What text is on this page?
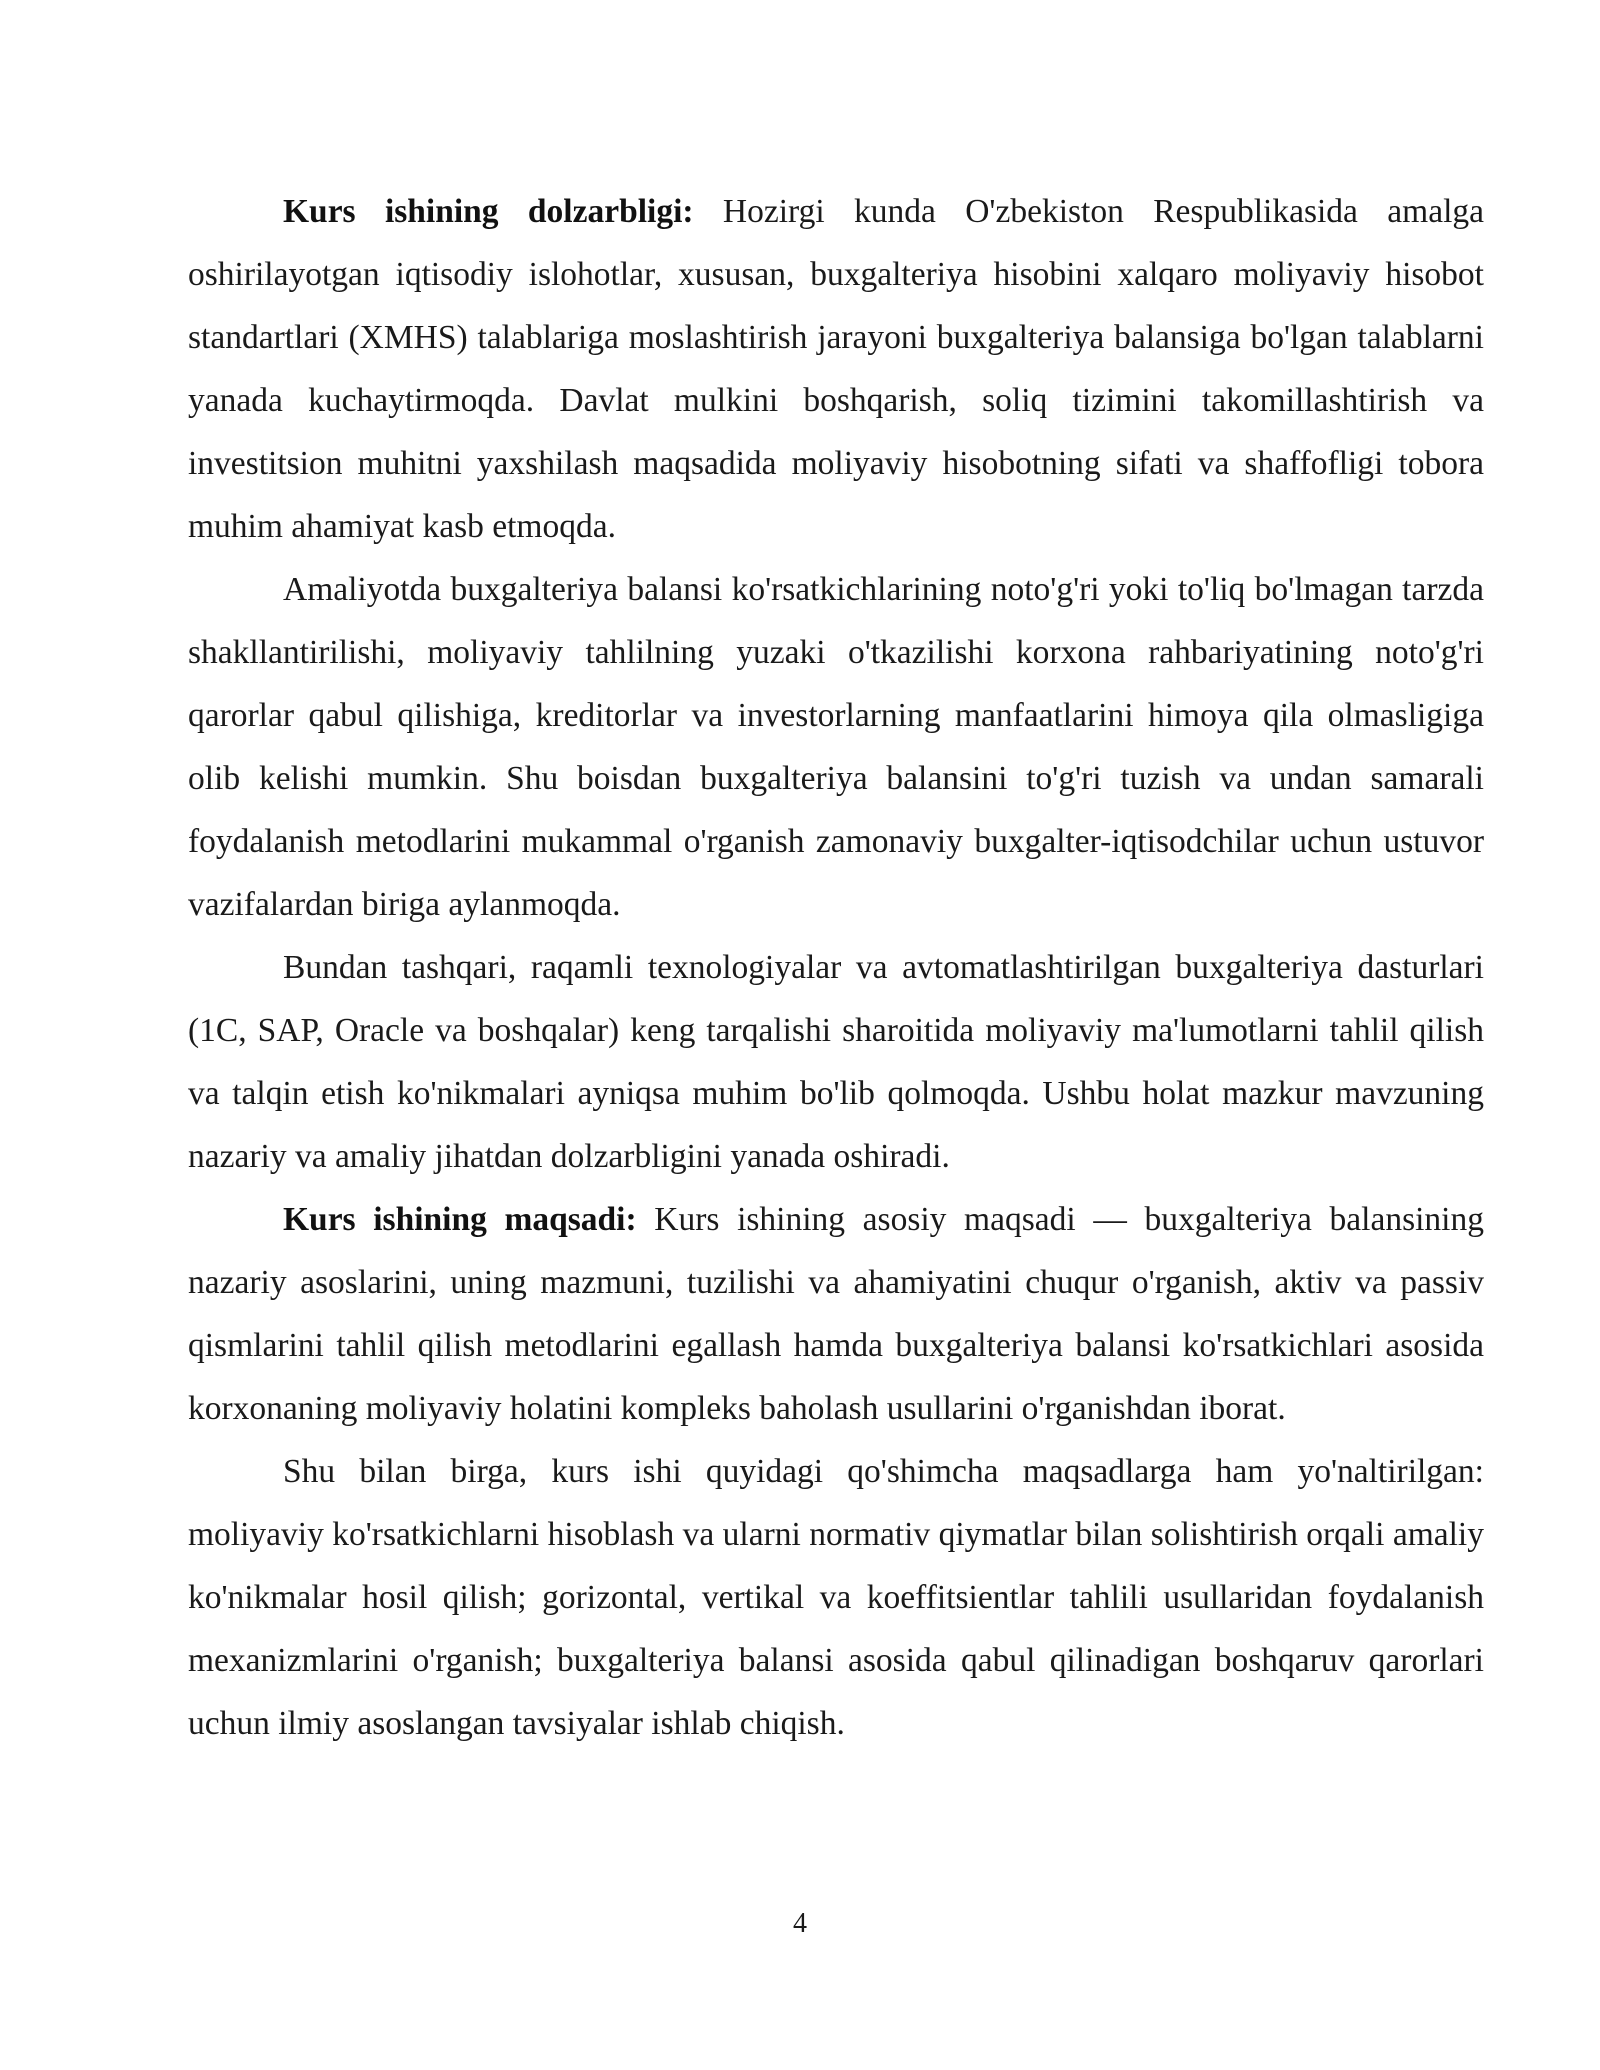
Kurs ishining dolzarbligi: Hozirgi kunda O'zbekiston Respublikasida amalga oshirilayotgan iqtisodiy islohotlar, xususan, buxgalteriya hisobini xalqaro moliyaviy hisobot standartlari (XMHS) talablariga moslashtirish jarayoni buxgalteriya balansiga bo'lgan talablarni yanada kuchaytirmoqda. Davlat mulkini boshqarish, soliq tizimini takomillashtirish va investitsion muhitni yaxshilash maqsadida moliyaviy hisobotning sifati va shaffofligi tobora muhim ahamiyat kasb etmoqda.

Amaliyotda buxgalteriya balansi ko'rsatkichlarining noto'g'ri yoki to'liq bo'lmagan tarzda shakllantirilishi, moliyaviy tahlilning yuzaki o'tkazilishi korxona rahbariyatining noto'g'ri qarorlar qabul qilishiga, kreditorlar va investorlarning manfaatlarini himoya qila olmasligiga olib kelishi mumkin. Shu boisdan buxgalteriya balansini to'g'ri tuzish va undan samarali foydalanish metodlarini mukammal o'rganish zamonaviy buxgalter-iqtisodchilar uchun ustuvor vazifalardan biriga aylanmoqda.

Bundan tashqari, raqamli texnologiyalar va avtomatlashtirilgan buxgalteriya dasturlari (1C, SAP, Oracle va boshqalar) keng tarqalishi sharoitida moliyaviy ma'lumotlarni tahlil qilish va talqin etish ko'nikmalari ayniqsa muhim bo'lib qolmoqda. Ushbu holat mazkur mavzuning nazariy va amaliy jihatdan dolzarbligini yanada oshiradi.

Kurs ishining maqsadi: Kurs ishining asosiy maqsadi — buxgalteriya balansining nazariy asoslarini, uning mazmuni, tuzilishi va ahamiyatini chuqur o'rganish, aktiv va passiv qismlarini tahlil qilish metodlarini egallash hamda buxgalteriya balansi ko'rsatkichlari asosida korxonaning moliyaviy holatini kompleks baholash usullarini o'rganishdan iborat.

Shu bilan birga, kurs ishi quyidagi qo'shimcha maqsadlarga ham yo'naltirilgan: moliyaviy ko'rsatkichlarni hisoblash va ularni normativ qiymatlar bilan solishtirish orqali amaliy ko'nikmalar hosil qilish; gorizontal, vertikal va koeffitsientlar tahlili usullaridan foydalanish mexanizmlarini o'rganish; buxgalteriya balansi asosida qabul qilinadigan boshqaruv qarorlari uchun ilmiy asoslangan tavsiyalar ishlab chiqish.

4
